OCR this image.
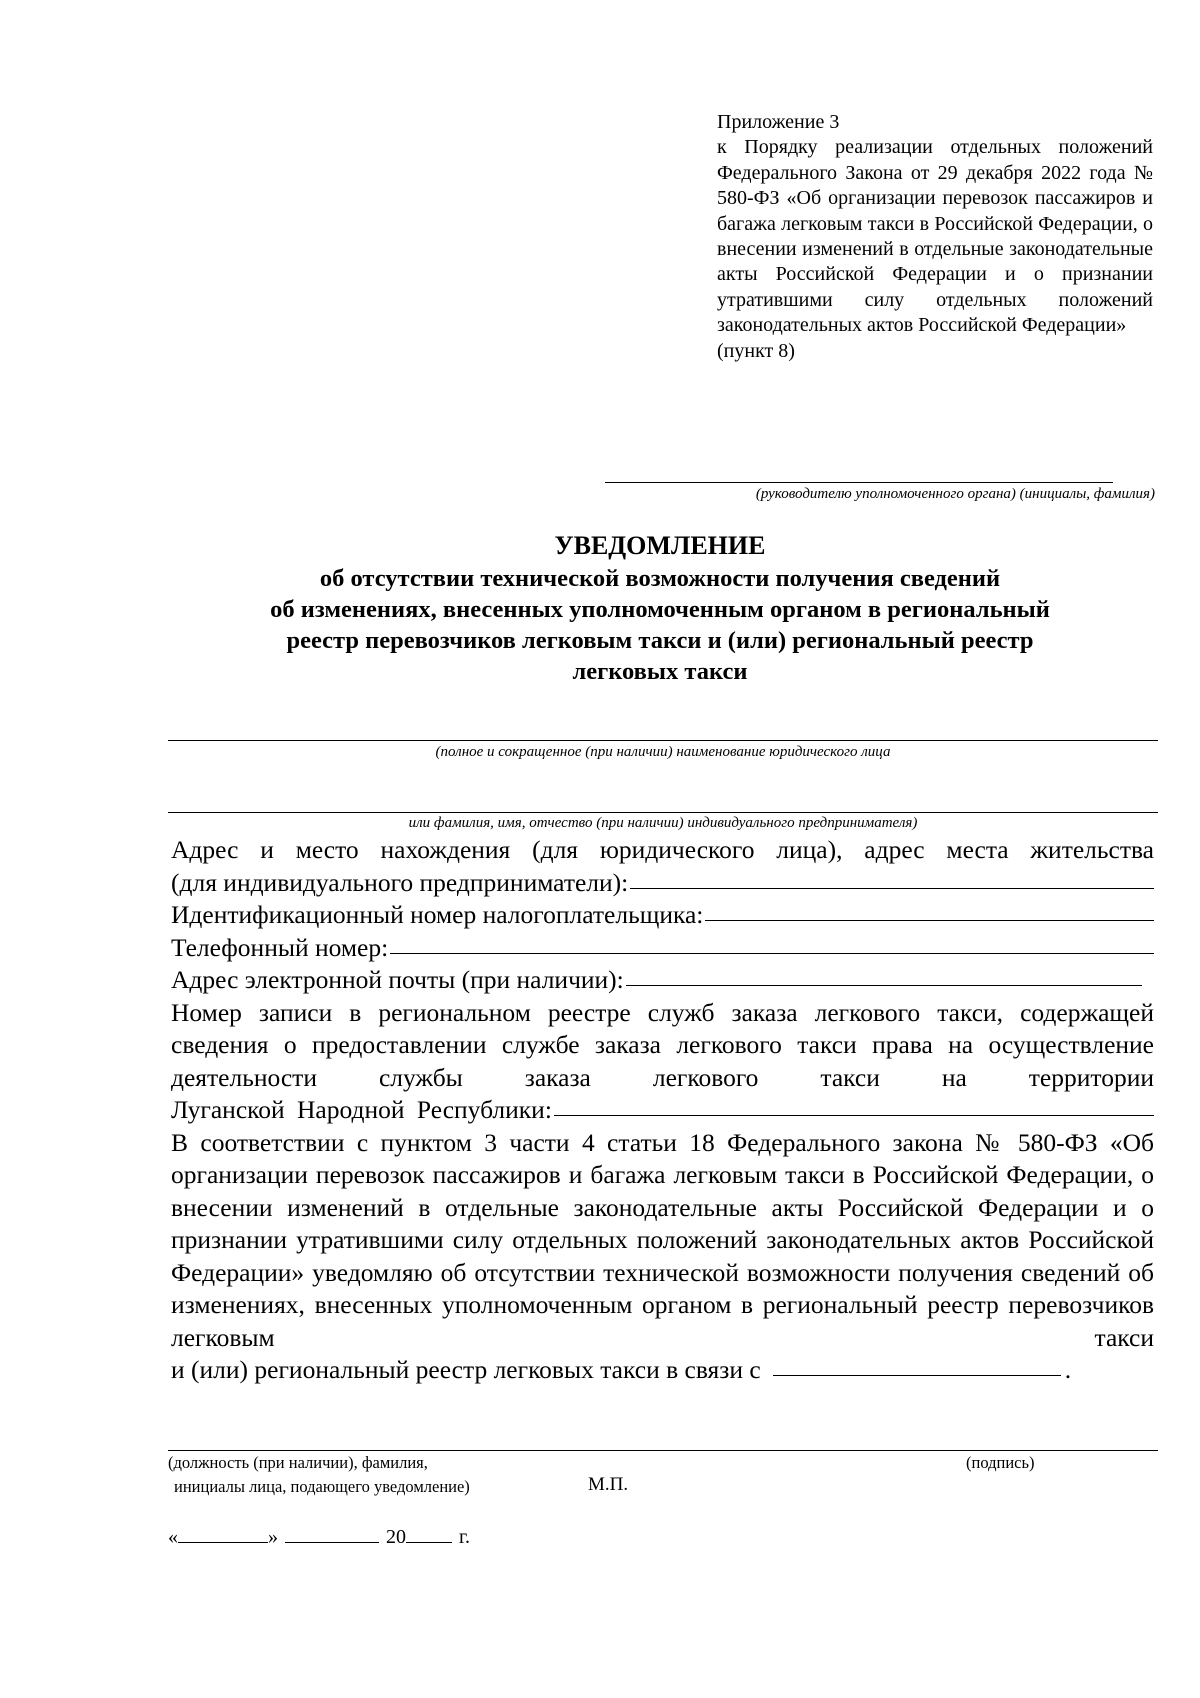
Приложение 3
к Порядку реализации отдельных положений Федерального Закона от 29 декабря 2022 года № 580-ФЗ «Об организации перевозок пассажиров и багажа легковым такси в Российской Федерации, о внесении изменений в отдельные законодательные акты Российской Федерации и о признании утратившими силу отдельных положений законодательных актов Российской Федерации»
(пункт 8)
(руководителю уполномоченного органа) (инициалы, фамилия)
УВЕДОМЛЕНИЕ
об отсутствии технической возможности получения сведений
об изменениях, внесенных уполномоченным органом в региональный
реестр перевозчиков легковым такси и (или) региональный реестр
легковых такси
(полное и сокращенное (при наличии) наименование юридического лица
или фамилия, имя, отчество (при наличии) индивидуального предпринимателя)
Адрес и место нахождения (для юридического лица), адрес места жительства
(для индивидуального предприниматели):
Идентификационный номер налогоплательщика:
Телефонный номер:
Адрес электронной почты (при наличии):
Номер записи в региональном реестре служб заказа легкового такси, содержащей сведения о предоставлении службе заказа легкового такси права на осуществление деятельности службы заказа легкового такси на территории
Луганской Народной Республики:
В соответствии с пунктом 3 части 4 статьи 18 Федерального закона № 580-ФЗ «Об организации перевозок пассажиров и багажа легковым такси в Российской Федерации, о внесении изменений в отдельные законодательные акты Российской Федерации и о признании утратившими силу отдельных положений законодательных актов Российской Федерации» уведомляю об отсутствии технической возможности получения сведений об изменениях, внесенных уполномоченным органом в региональный реестр перевозчиков легковым такси
и (или) региональный реестр легковых такси в связи с	.
(должность (при наличии), фамилия,
инициалы лица, подающего уведомление)	М.П.
(подпись)
«	»	20	г.
